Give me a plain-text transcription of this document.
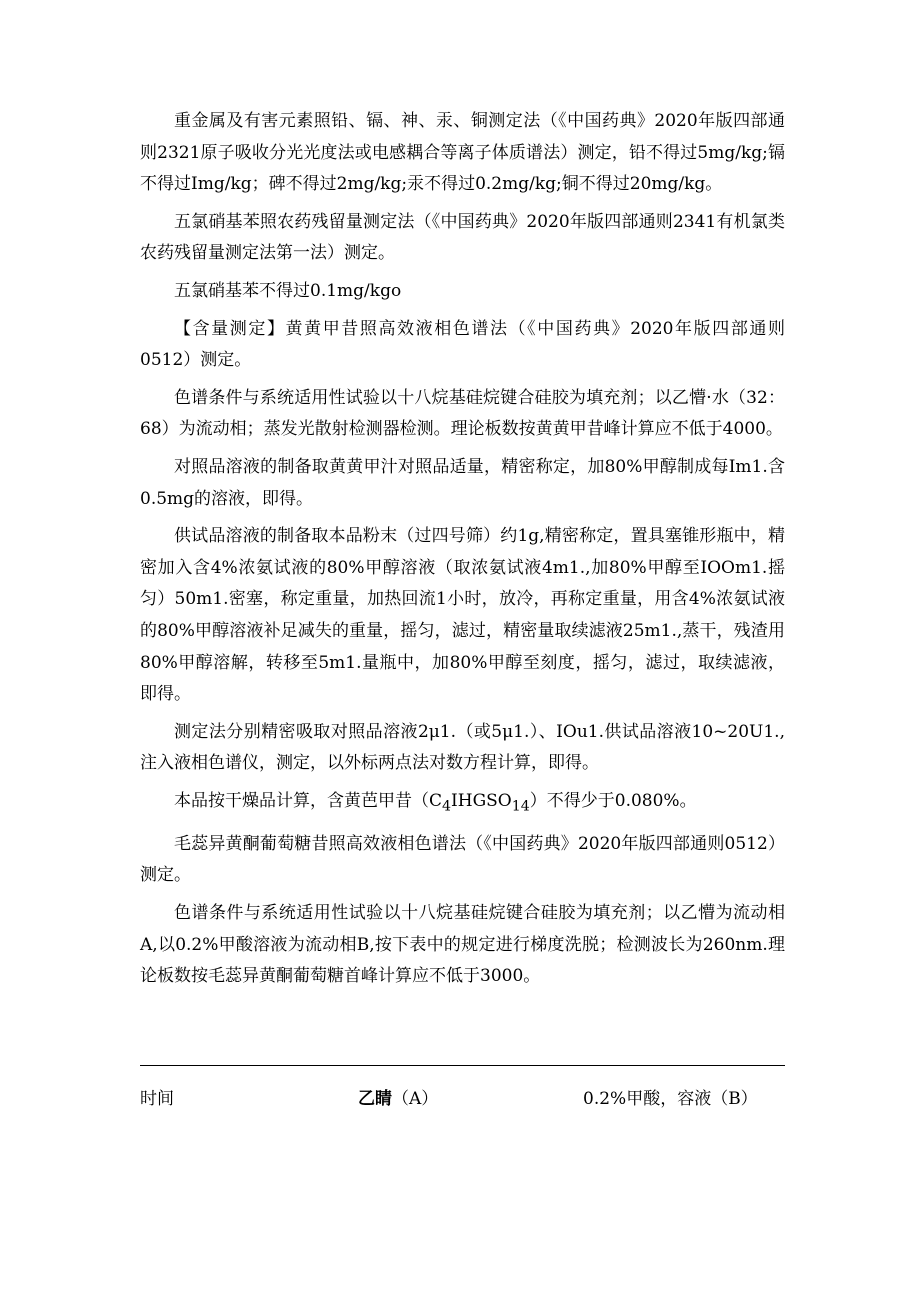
重金属及有害元素照铅、镉、神、汞、铜测定法（《中国药典》2020年版四部通则2321原子吸收分光光度法或电感耦合等离子体质谱法）测定，铅不得过5mg/kg;镉不得过Img/kg；碑不得过2mg/kg;汞不得过0.2mg/kg;铜不得过20mg/kg。

五氯硝基苯照农药残留量测定法（《中国药典》2020年版四部通则2341有机氯类农药残留量测定法第一法）测定。

五氯硝基苯不得过0.1mg/kgo

【含量测定】黄黄甲昔照高效液相色谱法（《中国药典》2020年版四部通则0512）测定。

色谱条件与系统适用性试验以十八烷基硅烷键合硅胶为填充剂；以乙懵·水（32：68）为流动相；蒸发光散射检测器检测。理论板数按黄黄甲昔峰计算应不低于4000。

对照品溶液的制备取黄黄甲汁对照品适量，精密称定，加80%甲醇制成每Im1.含0.5mg的溶液，即得。

供试品溶液的制备取本品粉末（过四号筛）约1g,精密称定，置具塞锥形瓶中，精密加入含4%浓氨试液的80%甲醇溶液（取浓氨试液4m1.,加80%甲醇至IOOm1.摇匀）50m1.密塞，称定重量，加热回流1小时，放冷，再称定重量，用含4%浓氨试液的80%甲醇溶液补足减失的重量，摇匀，滤过，精密量取续滤液25m1.,蒸干，残渣用80%甲醇溶解，转移至5m1.量瓶中，加80%甲醇至刻度，摇匀，滤过，取续滤液，即得。

测定法分别精密吸取对照品溶液2μ1.（或5μ1.）、IOu1.供试品溶液10~20U1.,注入液相色谱仪，测定，以外标两点法对数方程计算，即得。

本品按干燥品计算，含黄芭甲昔$(C_4IHGSO_{14})$不得少于0.080%。

毛蕊异黄酮葡萄糖昔照高效液相色谱法（《中国药典》2020年版四部通则0512）测定。

色谱条件与系统适用性试验以十八烷基硅烷键合硅胶为填充剂；以乙懵为流动相A,以0.2%甲酸溶液为流动相B,按下表中的规定进行梯度洗脱；检测波长为260nm.理论板数按毛蕊异黄酮葡萄糖首峰计算应不低于3000。

时间	乙睛（A）	0.2%甲酸，容液（B）
